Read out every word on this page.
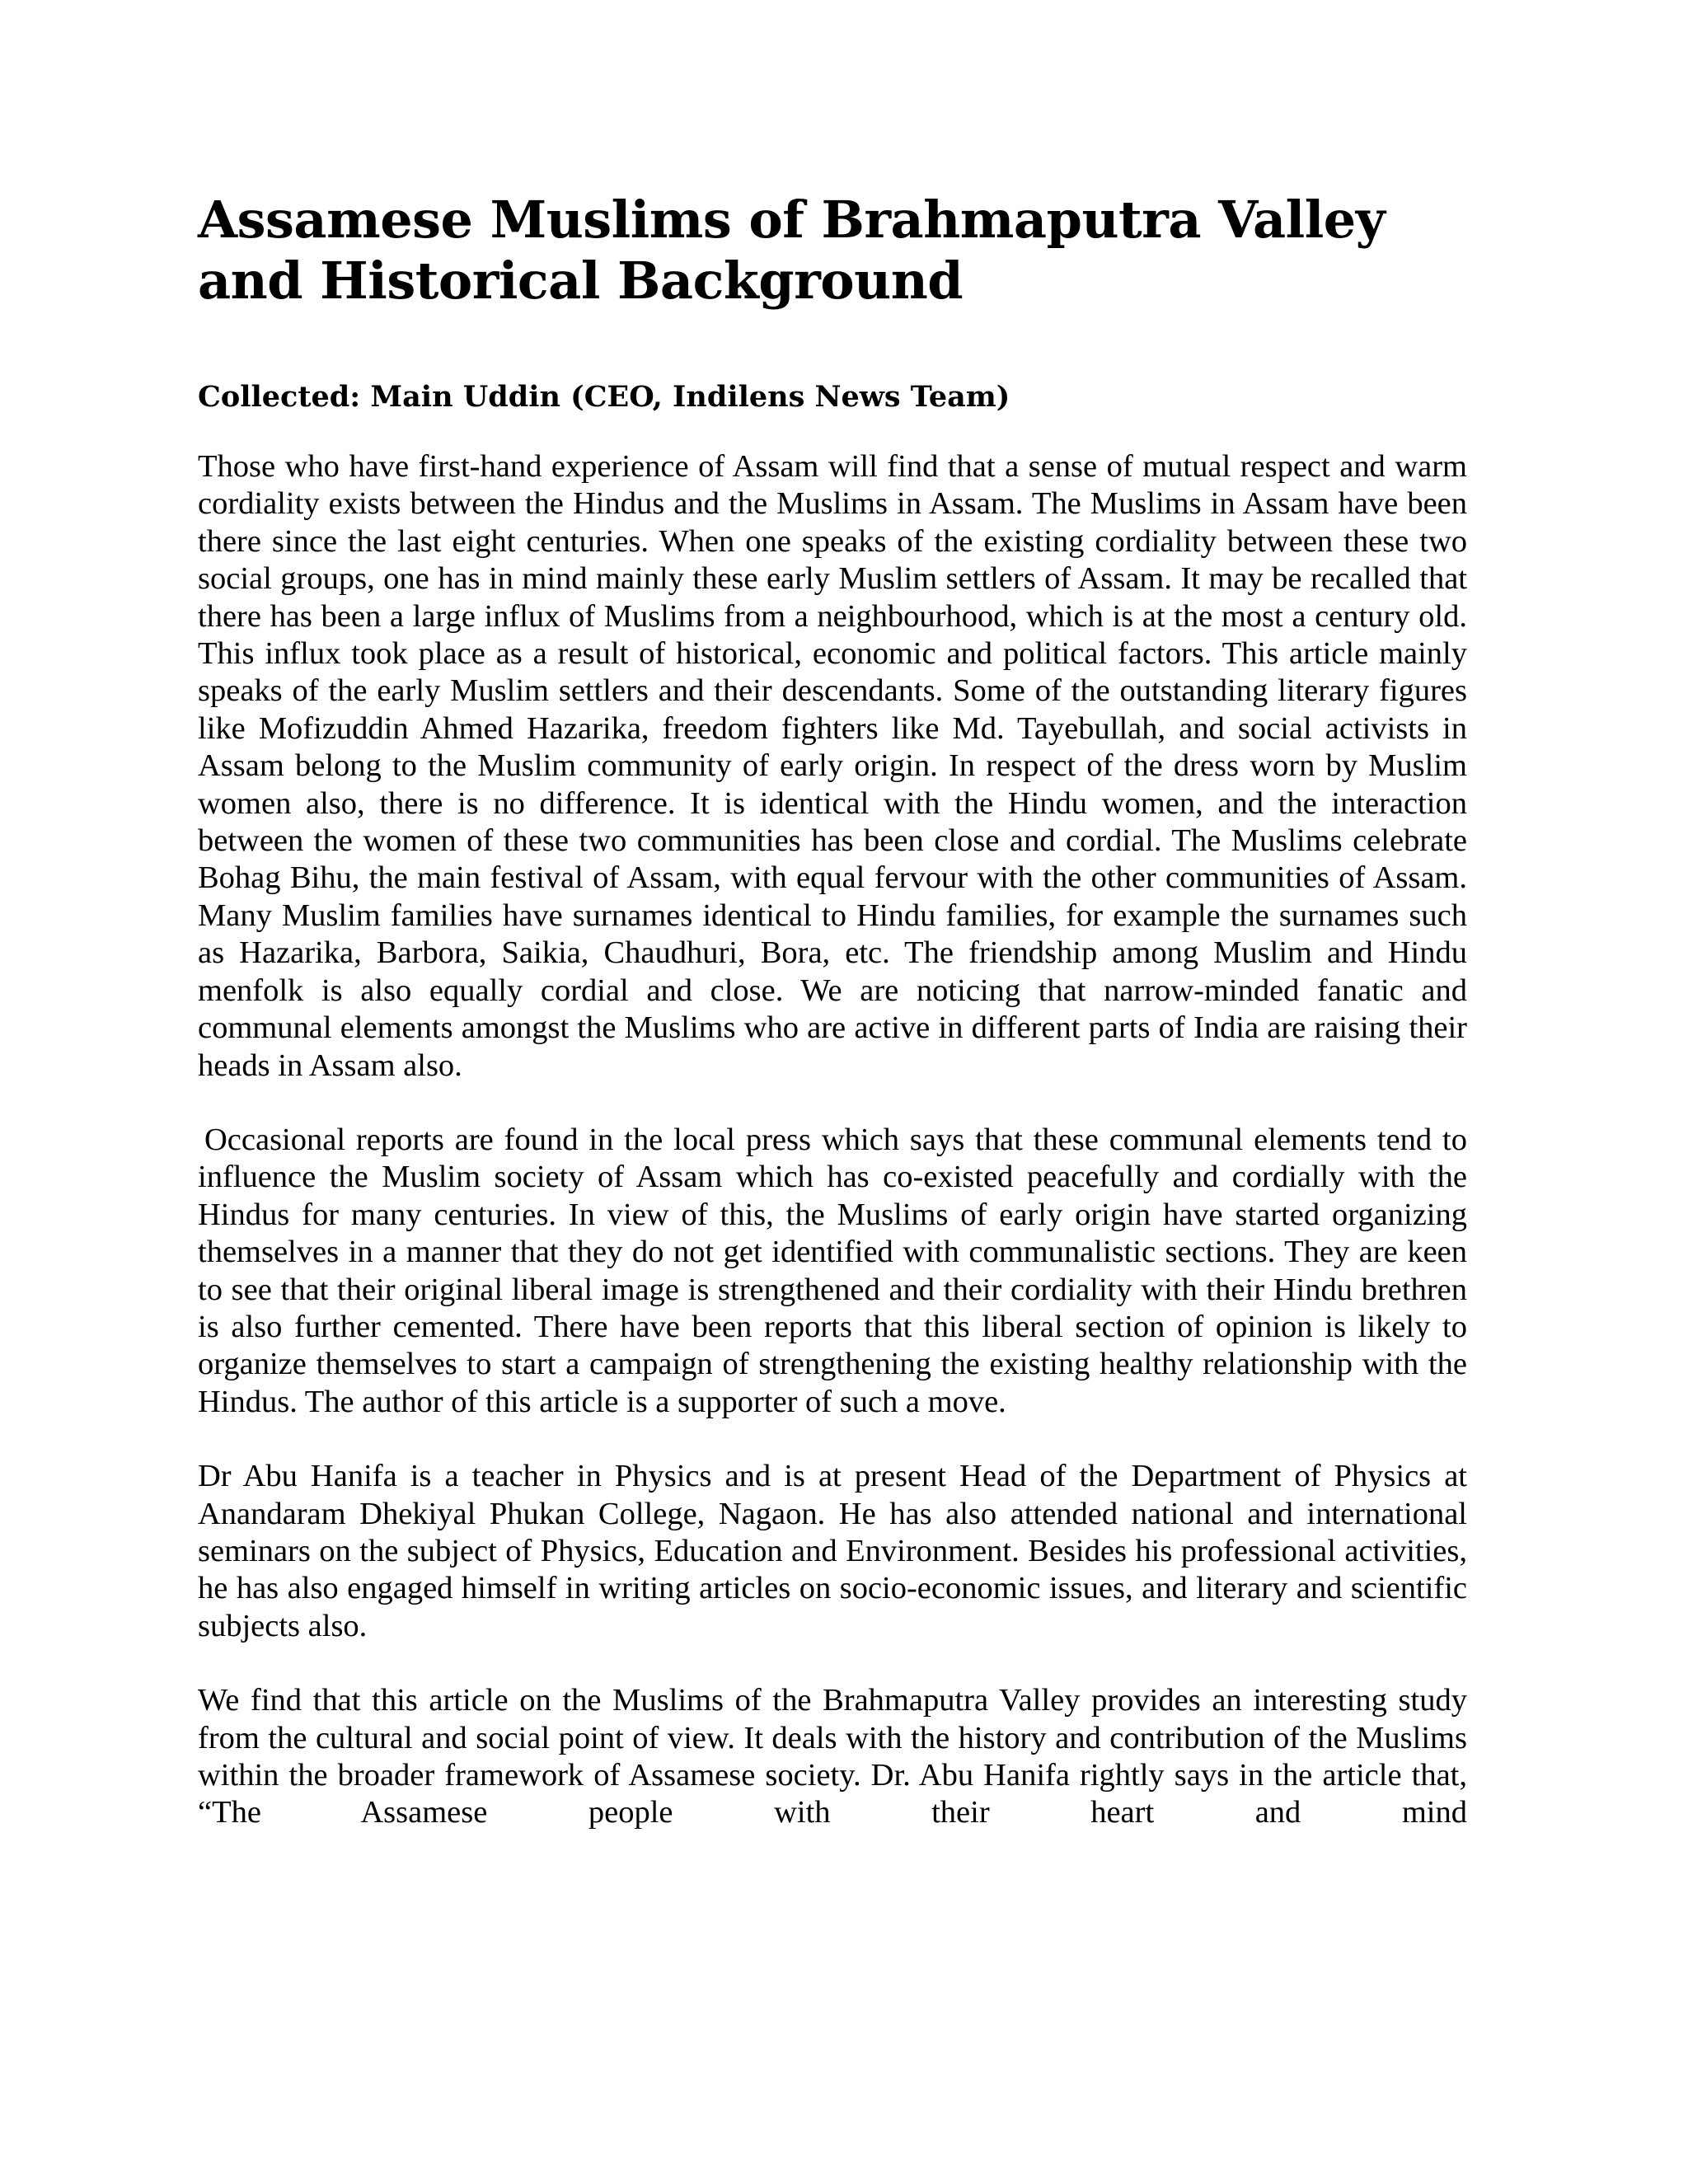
Assamese Muslims of Brahmaputra Valley and Historical Background

Collected: Main Uddin (CEO, Indilens News Team)

Those who have first-hand experience of Assam will find that a sense of mutual respect and warm cordiality exists between the Hindus and the Muslims in Assam. The Muslims in Assam have been there since the last eight centuries. When one speaks of the existing cordiality between these two social groups, one has in mind mainly these early Muslim settlers of Assam. It may be recalled that there has been a large influx of Muslims from a neighbourhood, which is at the most a century old. This influx took place as a result of historical, economic and political factors. This article mainly speaks of the early Muslim settlers and their descendants. Some of the outstanding literary figures like Mofizuddin Ahmed Hazarika, freedom fighters like Md. Tayebullah, and social activists in Assam belong to the Muslim community of early origin. In respect of the dress worn by Muslim women also, there is no difference. It is identical with the Hindu women, and the interaction between the women of these two communities has been close and cordial. The Muslims celebrate Bohag Bihu, the main festival of Assam, with equal fervour with the other communities of Assam. Many Muslim families have surnames identical to Hindu families, for example the surnames such as Hazarika, Barbora, Saikia, Chaudhuri, Bora, etc. The friendship among Muslim and Hindu menfolk is also equally cordial and close. We are noticing that narrow-minded fanatic and communal elements amongst the Muslims who are active in different parts of India are raising their heads in Assam also.

Occasional reports are found in the local press which says that these communal elements tend to influence the Muslim society of Assam which has co-existed peacefully and cordially with the Hindus for many centuries. In view of this, the Muslims of early origin have started organizing themselves in a manner that they do not get identified with communalistic sections. They are keen to see that their original liberal image is strengthened and their cordiality with their Hindu brethren is also further cemented. There have been reports that this liberal section of opinion is likely to organize themselves to start a campaign of strengthening the existing healthy relationship with the Hindus. The author of this article is a supporter of such a move.

Dr Abu Hanifa is a teacher in Physics and is at present Head of the Department of Physics at Anandaram Dhekiyal Phukan College, Nagaon. He has also attended national and international seminars on the subject of Physics, Education and Environment. Besides his professional activities, he has also engaged himself in writing articles on socio-economic issues, and literary and scientific subjects also.

We find that this article on the Muslims of the Brahmaputra Valley provides an interesting study from the cultural and social point of view. It deals with the history and contribution of the Muslims within the broader framework of Assamese society. Dr. Abu Hanifa rightly says in the article that, “The Assamese people with their heart and mind
